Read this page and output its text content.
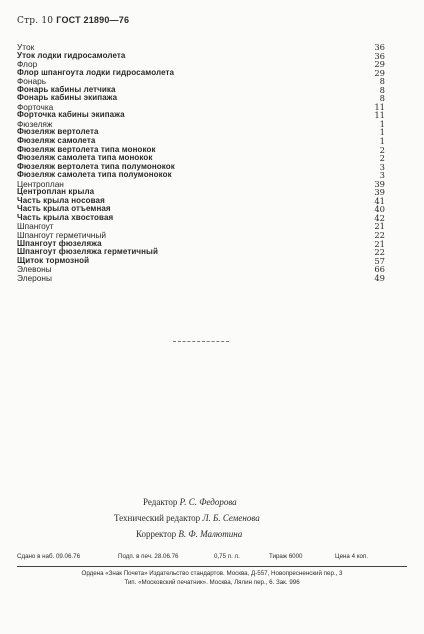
Стр. 10 ГОСТ 21890—76
Уток	36
Уток лодки гидросамолета	36
Флор	29
Флор шпангоута лодки гидросамолета	29
Фонарь	8
Фонарь кабины летчика	8
Фонарь кабины экипажа	8
Форточка	11
Форточка кабины экипажа	11
Фюзеляж	1
Фюзеляж вертолета	1
Фюзеляж самолета	1
Фюзеляж вертолета типа монокок	2
Фюзеляж самолета типа монокок	2
Фюзеляж вертолета типа полумонокок	3
Фюзеляж самолета типа полумонокок	3
Центроплан	39
Центроплан крыла	39
Часть крыла носовая	41
Часть крыла отъемная	40
Часть крыла хвостовая	42
Шпангоут	21
Шпангоут герметичный	22
Шпангоут фюзеляжа	21
Шпангоут фюзеляжа герметичный	22
Щиток тормозной	57
Элевоны	66
Элероны	49
Редактор Р. С. Федорова
Технический редактор Л. Б. Семенова
Корректор В. Ф. Малютина
Сдано в наб. 09.06.76	Подп. в печ. 28.06.76	0,75 п. л.	Тираж 6000	Цена 4 коп.
Ордена «Знак Почета» Издательство стандартов. Москва, Д-557, Новопресненский пер., 3
Тип. «Московский печатник». Москва, Лялин пер., 6. Зак. 996
